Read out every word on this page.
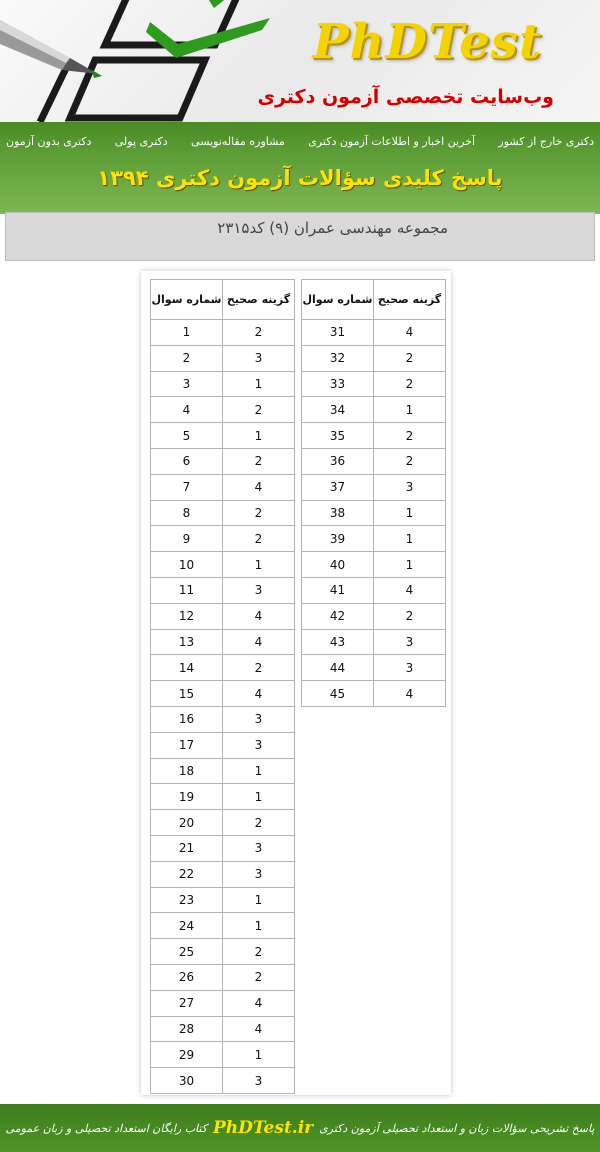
PhDTest
وب‌سایت تخصصی آزمون دکتری
دکتری بدون آزمون دکتری پولی مشاوره مقاله‌نویسی آخرین اخبار و اطلاعات آزمون دکتری دکتری خارج از کشور
پاسخ کلیدی سؤالات آزمون دکتری ۱۳۹۴
مجموعه مهندسی عمران (۹) کد۲۳۱۵
شماره سوال	گزینه صحیح
1	2
2	3
3	1
4	2
5	1
6	2
7	4
8	2
9	2
10	1
11	3
12	4
13	4
14	2
15	4
16	3
17	3
18	1
19	1
20	2
21	3
22	3
23	1
24	1
25	2
26	2
27	4
28	4
29	1
30	3
شماره سوال	گزینه صحیح
31	4
32	2
33	2
34	1
35	2
36	2
37	3
38	1
39	1
40	1
41	4
42	2
43	3
44	3
45	4
پاسخ تشریحی سؤالات زبان و استعداد تحصیلی آزمون دکتری
PhDTest.ir
کتاب رایگان استعداد تحصیلی و زبان عمومی
